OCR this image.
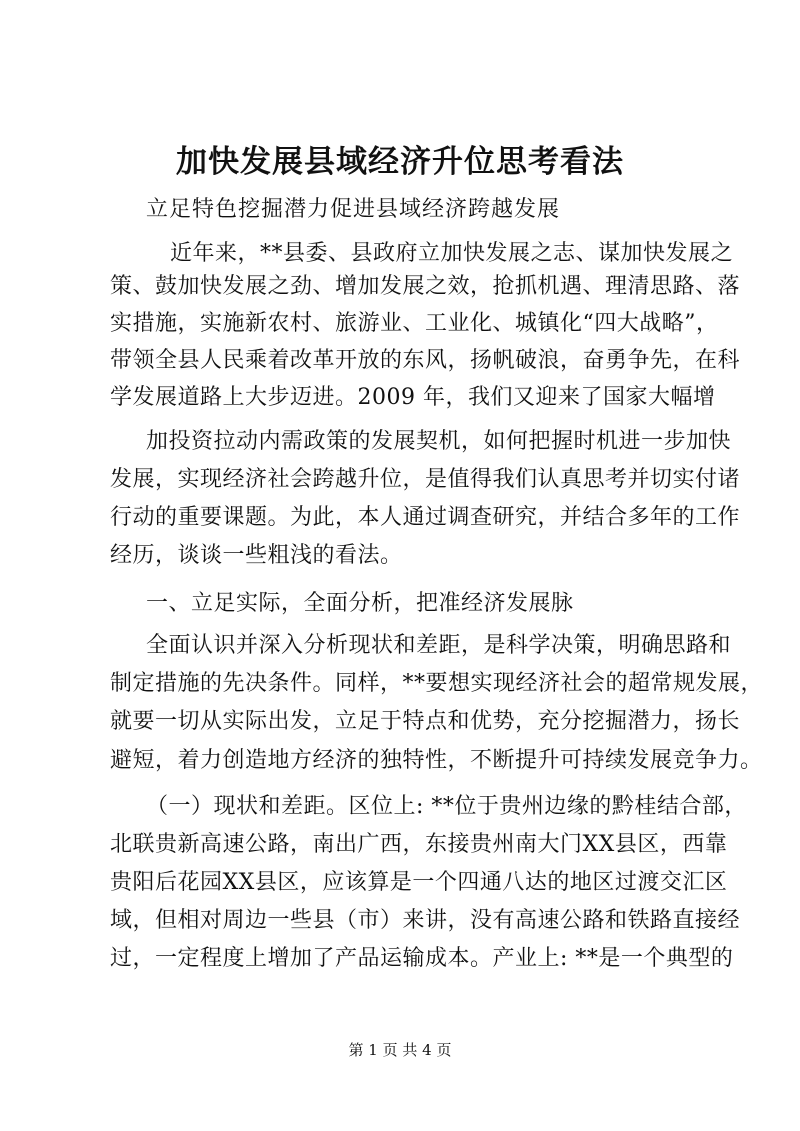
加快发展县域经济升位思考看法
立足特色挖掘潜力促进县域经济跨越发展
近年来，**县委、县政府立加快发展之志、谋加快发展之
策、鼓加快发展之劲、增加发展之效，抢抓机遇、理清思路、落
实措施，实施新农村、旅游业、工业化、城镇化“四大战略”，
带领全县人民乘着改革开放的东风，扬帆破浪，奋勇争先，在科
学发展道路上大步迈进。2009 年，我们又迎来了国家大幅增
加投资拉动内需政策的发展契机，如何把握时机进一步加快
发展，实现经济社会跨越升位，是值得我们认真思考并切实付诸
行动的重要课题。为此，本人通过调查研究，并结合多年的工作
经历，谈谈一些粗浅的看法。
一、立足实际，全面分析，把准经济发展脉
全面认识并深入分析现状和差距，是科学决策，明确思路和
制定措施的先决条件。同样，**要想实现经济社会的超常规发展，
就要一切从实际出发，立足于特点和优势，充分挖掘潜力，扬长
避短，着力创造地方经济的独特性，不断提升可持续发展竞争力。
（一）现状和差距。区位上: **位于贵州边缘的黔桂结合部，
北联贵新高速公路，南出广西，东接贵州南大门XX县区，西靠
贵阳后花园XX县区，应该算是一个四通八达的地区过渡交汇区
域，但相对周边一些县（市）来讲，没有高速公路和铁路直接经
过，一定程度上增加了产品运输成本。产业上: **是一个典型的
第 1 页 共 4 页
